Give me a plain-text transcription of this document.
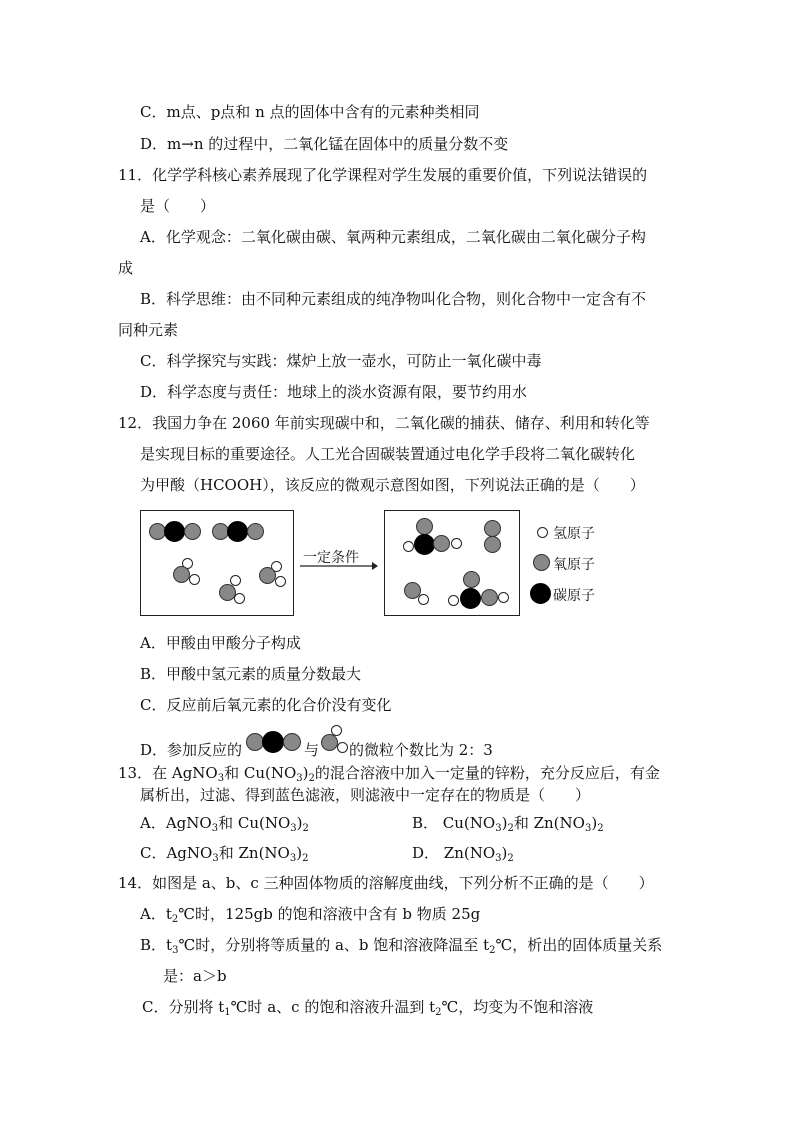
C．m点、p点和 n 点的固体中含有的元素种类相同
D．m→n 的过程中，二氧化锰在固体中的质量分数不变
11．化学学科核心素养展现了化学课程对学生发展的重要价值，下列说法错误的
是（　　）
A．化学观念：二氧化碳由碳、氧两种元素组成，二氧化碳由二氧化碳分子构
成
B．科学思维：由不同种元素组成的纯净物叫化合物，则化合物中一定含有不
同种元素
C．科学探究与实践：煤炉上放一壶水，可防止一氧化碳中毒
D．科学态度与责任：地球上的淡水资源有限，要节约用水
12．我国力争在 2060 年前实现碳中和，二氧化碳的捕获、储存、利用和转化等
是实现目标的重要途径。人工光合固碳装置通过电化学手段将二氧化碳转化
为甲酸（HCOOH），该反应的微观示意图如图，下列说法正确的是（　　）
一定条件
氢原子
氧原子
碳原子
A．甲酸由甲酸分子构成
B．甲酸中氢元素的质量分数最大
C．反应前后氧元素的化合价没有变化
D．参加反应的	与 的微粒个数比为 2：3
13．在 AgNO$_3$和 $Cu(NO_3)_2$的混合溶液中加入一定量的锌粉，充分反应后，有金
属析出，过滤、得到蓝色滤液，则滤液中一定存在的物质是（　　）
A．AgNO$_3$和 $Cu(NO_3)_2$	B． $Cu(NO_3)_2$和 $Zn(NO_3)_2$
C．AgNO$_3$和 $Zn(NO_3)_2$	D． $Zn(NO_3)_2$
14．如图是 a、b、c 三种固体物质的溶解度曲线，下列分析不正确的是（　　）
A．$t_2℃$时，125gb 的饱和溶液中含有 b 物质 25g
B．$t_3℃$时，分别将等质量的 a、b 饱和溶液降温至 $t_2℃$，析出的固体质量关系
是：a＞b
C．分别将 $t_1℃$时 a、c 的饱和溶液升温到 $t_2℃$，均变为不饱和溶液
